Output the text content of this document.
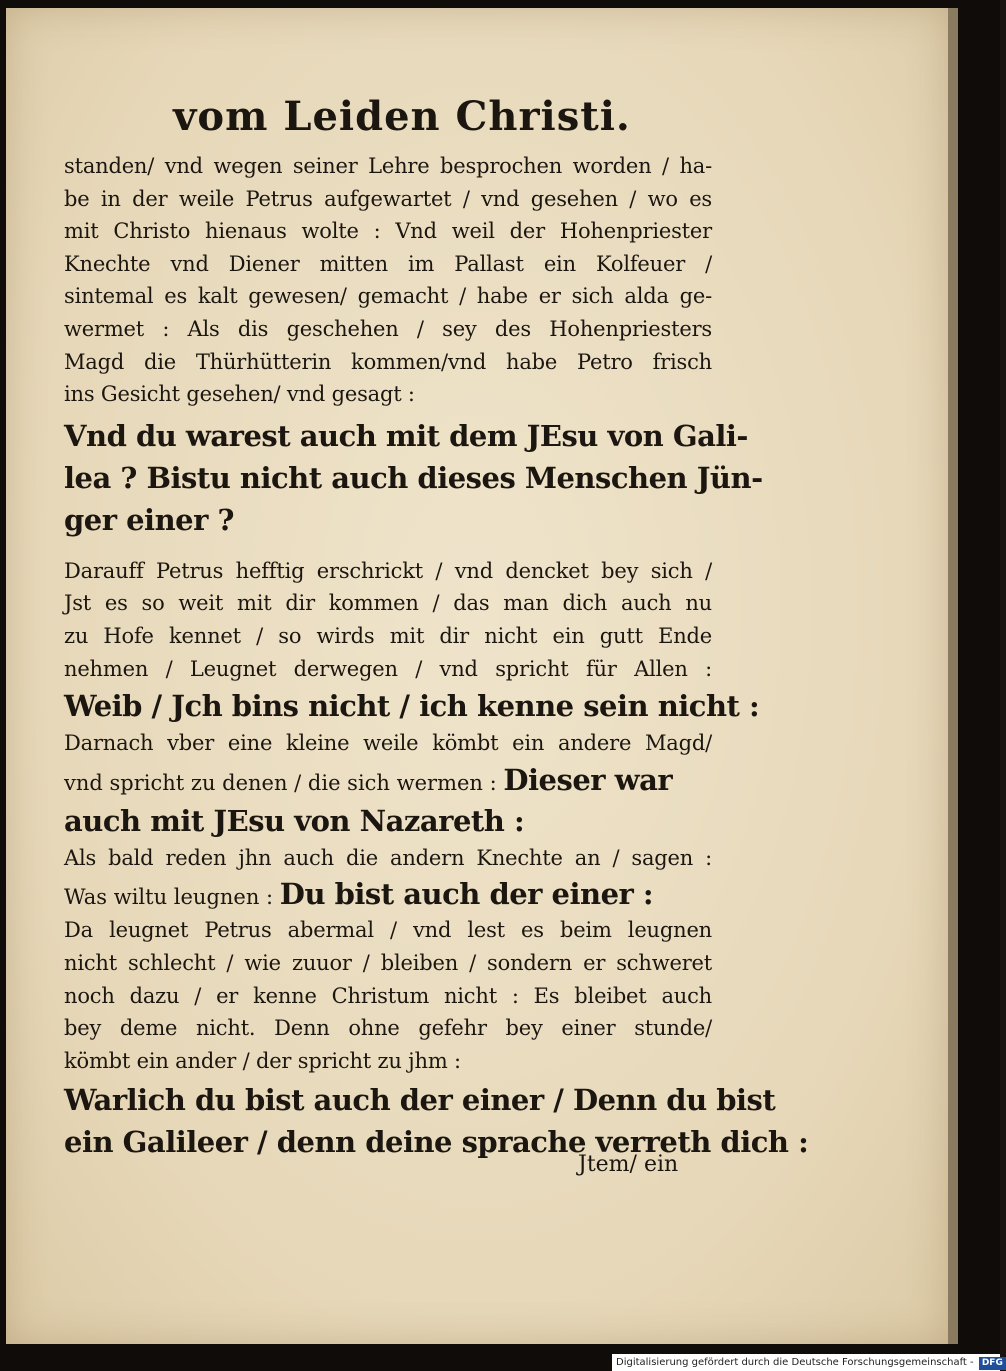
vom Leiden Christi.
standen/ vnd wegen seiner Lehre besprochen worden / ha-
be in der weile Petrus aufgewartet / vnd gesehen / wo es
mit Christo hienaus wolte : Vnd weil der Hohenpriester
Knechte vnd Diener mitten im Pallast ein Kolfeuer /
sintemal es kalt gewesen/ gemacht / habe er sich alda ge-
wermet : Als dis geschehen / sey des Hohenpriesters
Magd die Thürhütterin kommen/vnd habe Petro frisch
ins Gesicht gesehen/ vnd gesagt :
Vnd du warest auch mit dem JEsu von Gali-
lea ? Bistu nicht auch dieses Menschen Jün-
ger einer ?
Darauff Petrus hefftig erschrickt / vnd dencket bey sich /
Jst es so weit mit dir kommen / das man dich auch nu
zu Hofe kennet / so wirds mit dir nicht ein gutt Ende
nehmen / Leugnet derwegen / vnd spricht für Allen :
Weib / Jch bins nicht / ich kenne sein nicht :
Darnach vber eine kleine weile kömbt ein andere Magd/
vnd spricht zu denen / die sich wermen : Dieser war
auch mit JEsu von Nazareth :
Als bald reden jhn auch die andern Knechte an / sagen :
Was wiltu leugnen : Du bist auch der einer :
Da leugnet Petrus abermal / vnd lest es beim leugnen
nicht schlecht / wie zuuor / bleiben / sondern er schweret
noch dazu / er kenne Christum nicht : Es bleibet auch
bey deme nicht. Denn ohne gefehr bey einer stunde/
kömbt ein ander / der spricht zu jhm :
Warlich du bist auch der einer / Denn du bist
ein Galileer / denn deine sprache verreth dich :
Jtem/ ein
Digitalisierung gefördert durch die Deutsche Forschungsgemeinschaft - DFG
